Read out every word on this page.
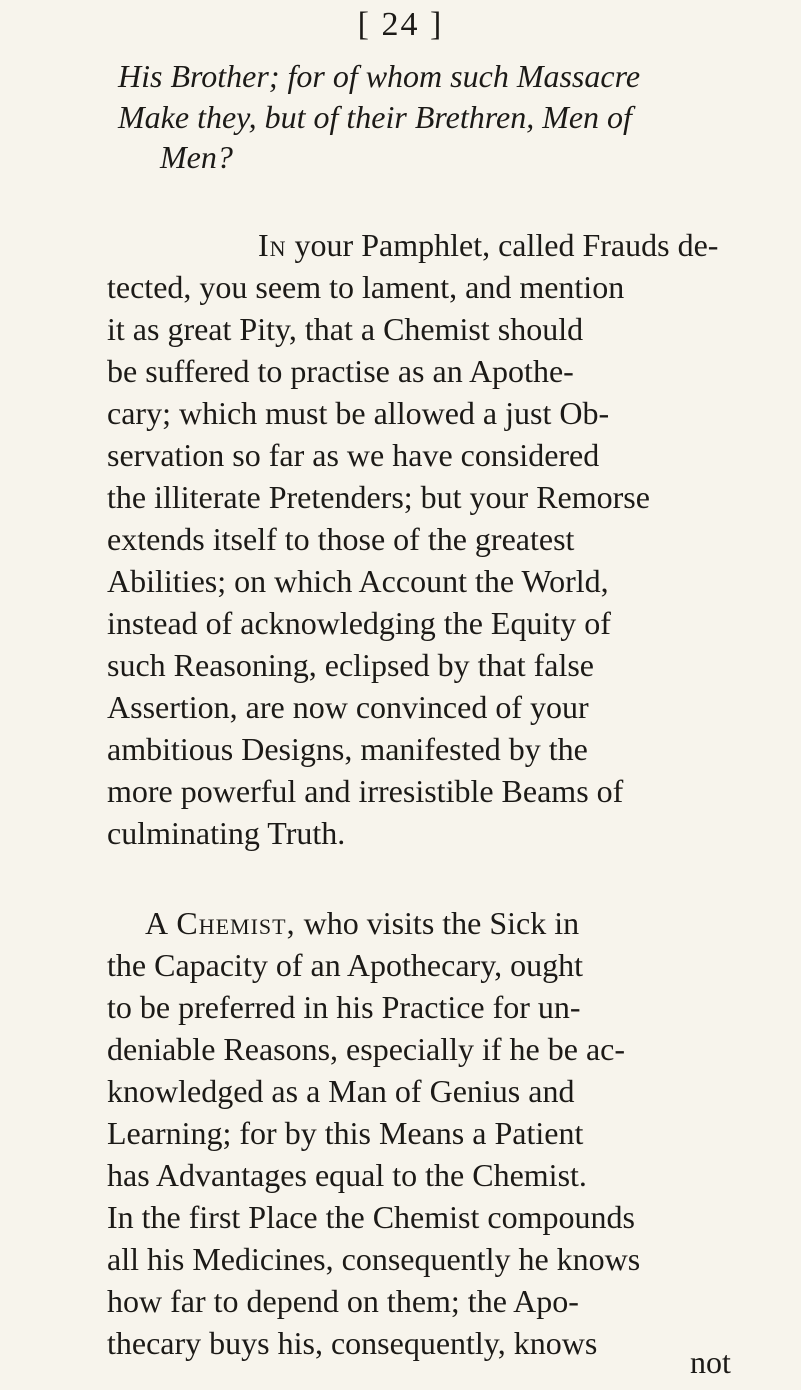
[ 24 ]
His Brother; for of whom such Massacre
Make they, but of their Brethren, Men of
Men?
In your Pamphlet, called Frauds de-
tected, you seem to lament, and mention
it as great Pity, that a Chemist should
be suffered to practise as an Apothe-
cary; which must be allowed a just Ob-
servation so far as we have considered
the illiterate Pretenders; but your Remorse
extends itself to those of the greatest
Abilities; on which Account the World,
instead of acknowledging the Equity of
such Reasoning, eclipsed by that false
Assertion, are now convinced of your
ambitious Designs, manifested by the
more powerful and irresistible Beams of
culminating Truth.
A Chemist, who visits the Sick in
the Capacity of an Apothecary, ought
to be preferred in his Practice for un-
deniable Reasons, especially if he be ac-
knowledged as a Man of Genius and
Learning; for by this Means a Patient
has Advantages equal to the Chemist.
In the first Place the Chemist compounds
all his Medicines, consequently he knows
how far to depend on them; the Apo-
thecary buys his, consequently, knows
not
